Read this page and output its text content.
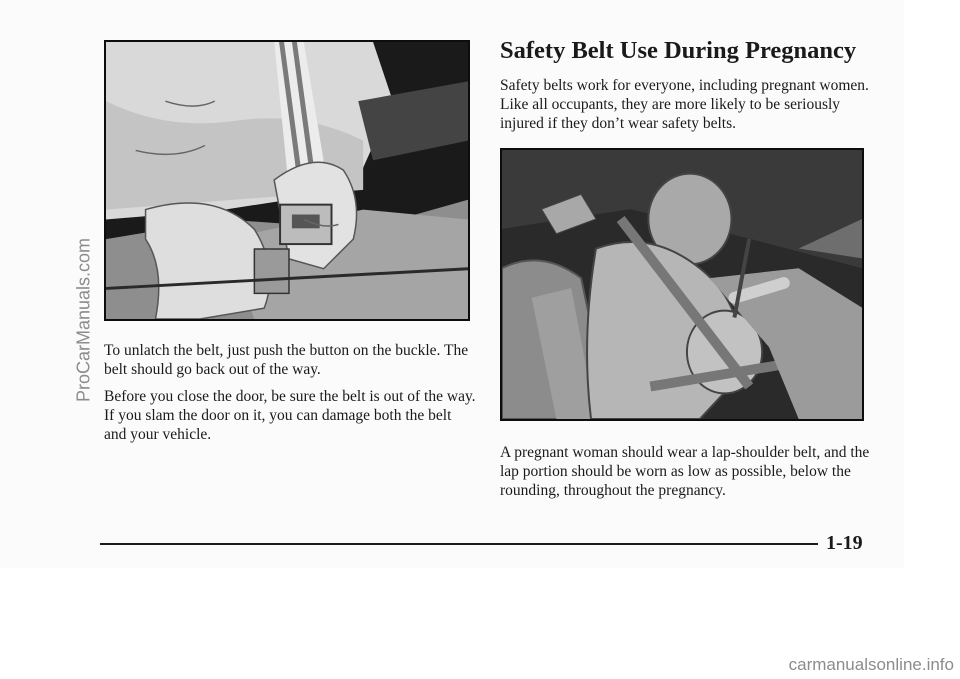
To unlatch the belt, just push the button on the buckle. The belt should go back out of the way.

Before you close the door, be sure the belt is out of the way. If you slam the door on it, you can damage both the belt and your vehicle.

Safety Belt Use During Pregnancy

Safety belts work for everyone, including pregnant women. Like all occupants, they are more likely to be seriously injured if they don’t wear safety belts.

A pregnant woman should wear a lap-shoulder belt, and the lap portion should be worn as low as possible, below the rounding, throughout the pregnancy.

1-19
ProCarManuals.com
carmanualsonline.info
